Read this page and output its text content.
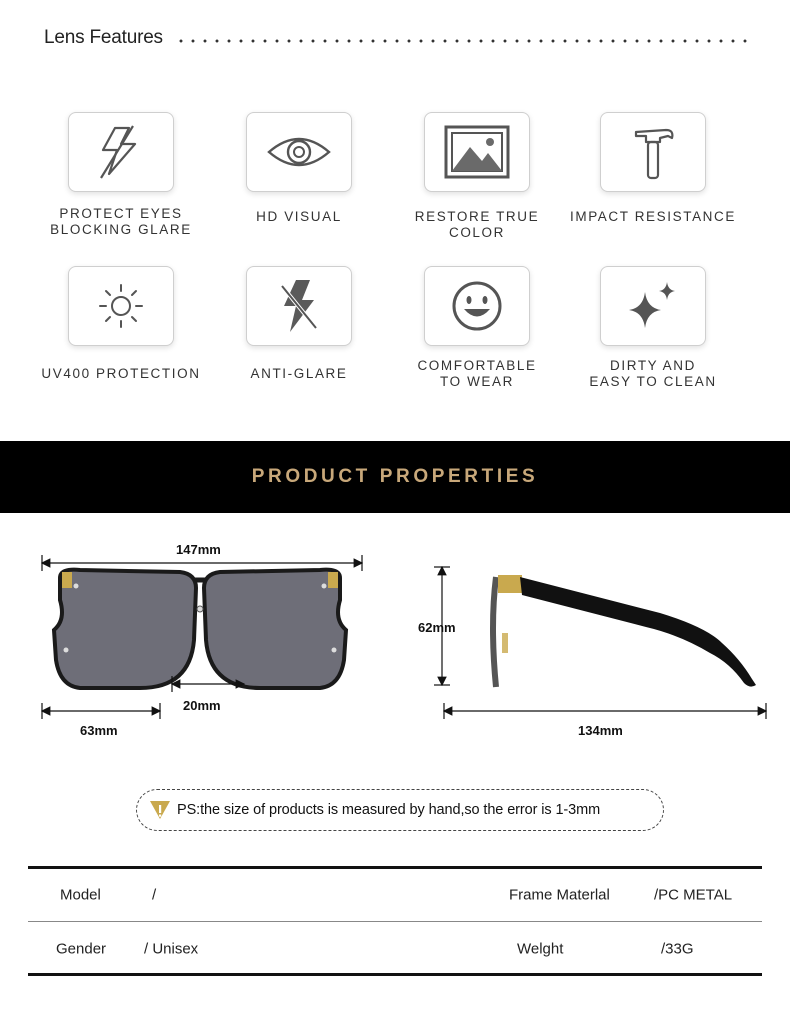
Lens Features
PROTECT EYES
BLOCKING GLARE
HD VISUAL	RESTORE TRUE COLOR
IMPACT RESISTANCE
UV400 PROTECTION	ANTI-GLARE
COMFORTABLE
TO WEAR
DIRTY AND
EASY TO CLEAN
PRODUCT PROPERTIES
147mm
20mm
63mm
62mm
134mm
PS:the size of products is measured by hand,so the error is 1-3mm
Model	/	Frame Materlal	/PC METAL
Gender	/ Unisex	Welght	/33G
